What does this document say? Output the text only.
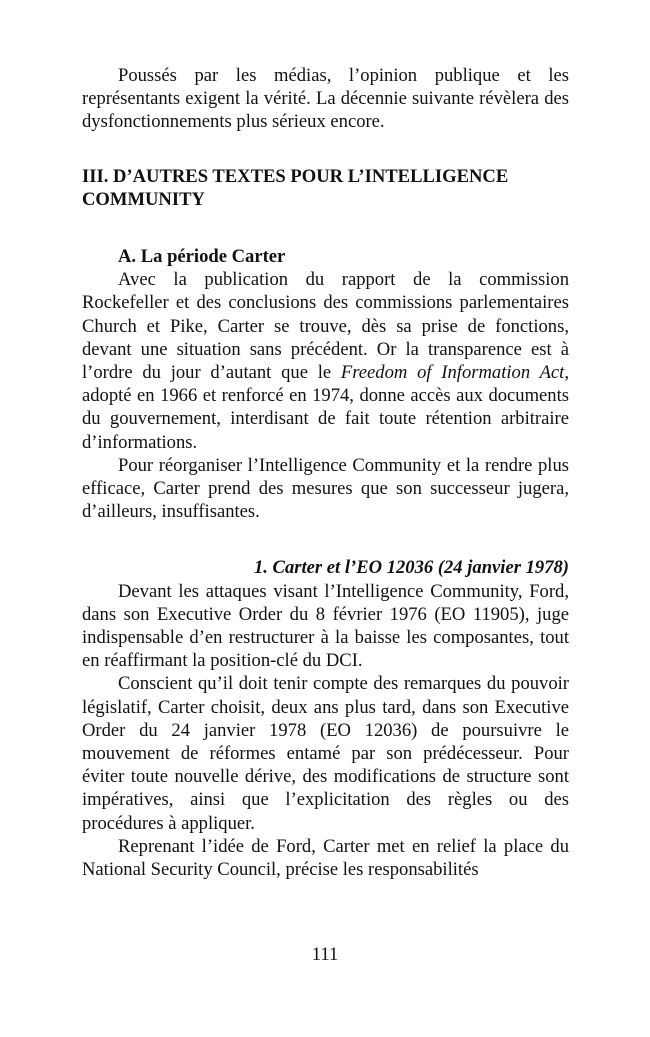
Poussés par les médias, l’opinion publique et les représentants exigent la vérité. La décennie suivante révèlera des dysfonctionnements plus sérieux encore.

III. D’AUTRES TEXTES POUR L’INTELLIGENCE COMMUNITY
A. La période Carter

Avec la publication du rapport de la commission Rockefeller et des conclusions des commissions parlementaires Church et Pike, Carter se trouve, dès sa prise de fonctions, devant une situation sans précédent. Or la transparence est à l’ordre du jour d’autant que le Freedom of Information Act, adopté en 1966 et renforcé en 1974, donne accès aux documents du gouvernement, interdisant de fait toute rétention arbitraire d’informations.

Pour réorganiser l’Intelligence Community et la rendre plus efficace, Carter prend des mesures que son successeur jugera, d’ailleurs, insuffisantes.

1. Carter et l’EO 12036 (24 janvier 1978)

Devant les attaques visant l’Intelligence Community, Ford, dans son Executive Order du 8 février 1976 (EO 11905), juge indispensable d’en restructurer à la baisse les composantes, tout en réaffirmant la position-clé du DCI.

Conscient qu’il doit tenir compte des remarques du pouvoir législatif, Carter choisit, deux ans plus tard, dans son Executive Order du 24 janvier 1978 (EO 12036) de poursuivre le mouvement de réformes entamé par son prédécesseur. Pour éviter toute nouvelle dérive, des modifications de structure sont impératives, ainsi que l’explicitation des règles ou des procédures à appliquer.

Reprenant l’idée de Ford, Carter met en relief la place du National Security Council, précise les responsabilités

111
